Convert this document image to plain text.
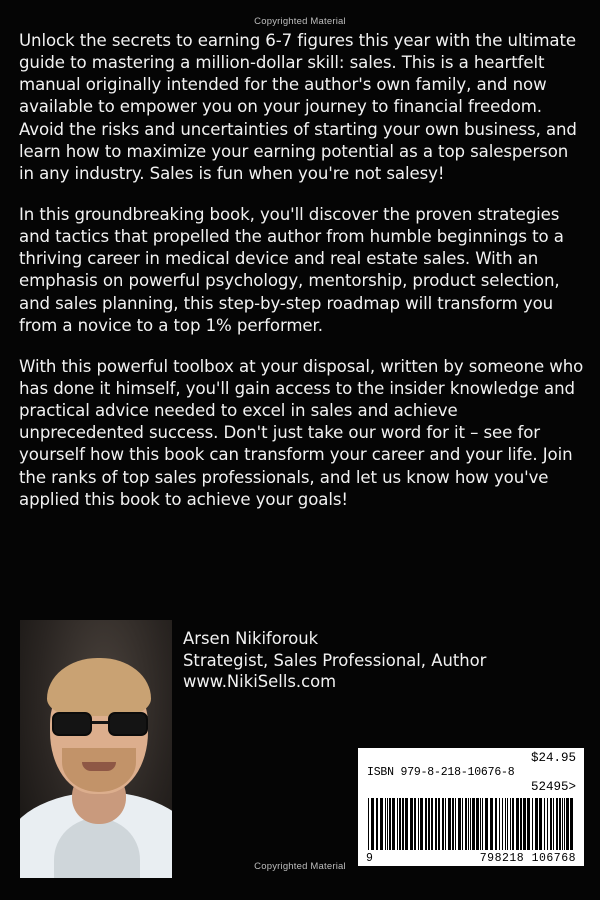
Copyrighted Material

Unlock the secrets to earning 6-7 figures this year with the ultimate guide to mastering a million-dollar skill: sales. This is a heartfelt manual originally intended for the author's own family, and now available to empower you on your journey to financial freedom. Avoid the risks and uncertainties of starting your own business, and learn how to maximize your earning potential as a top salesperson in any industry. Sales is fun when you're not salesy!

In this groundbreaking book, you'll discover the proven strategies and tactics that propelled the author from humble beginnings to a thriving career in medical device and real estate sales. With an emphasis on powerful psychology, mentorship, product selection, and sales planning, this step-by-step roadmap will transform you from a novice to a top 1% performer.

With this powerful toolbox at your disposal, written by someone who has done it himself, you'll gain access to the insider knowledge and practical advice needed to excel in sales and achieve unprecedented success. Don't just take our word for it – see for yourself how this book can transform your career and your life. Join the ranks of top sales professionals, and let us know how you've applied this book to achieve your goals!

Arsen Nikiforouk
Strategist, Sales Professional, Author
www.NikiSells.com
$24.95
ISBN 979-8-218-10676-8
52495>
9	798218 106768
Copyrighted Material
